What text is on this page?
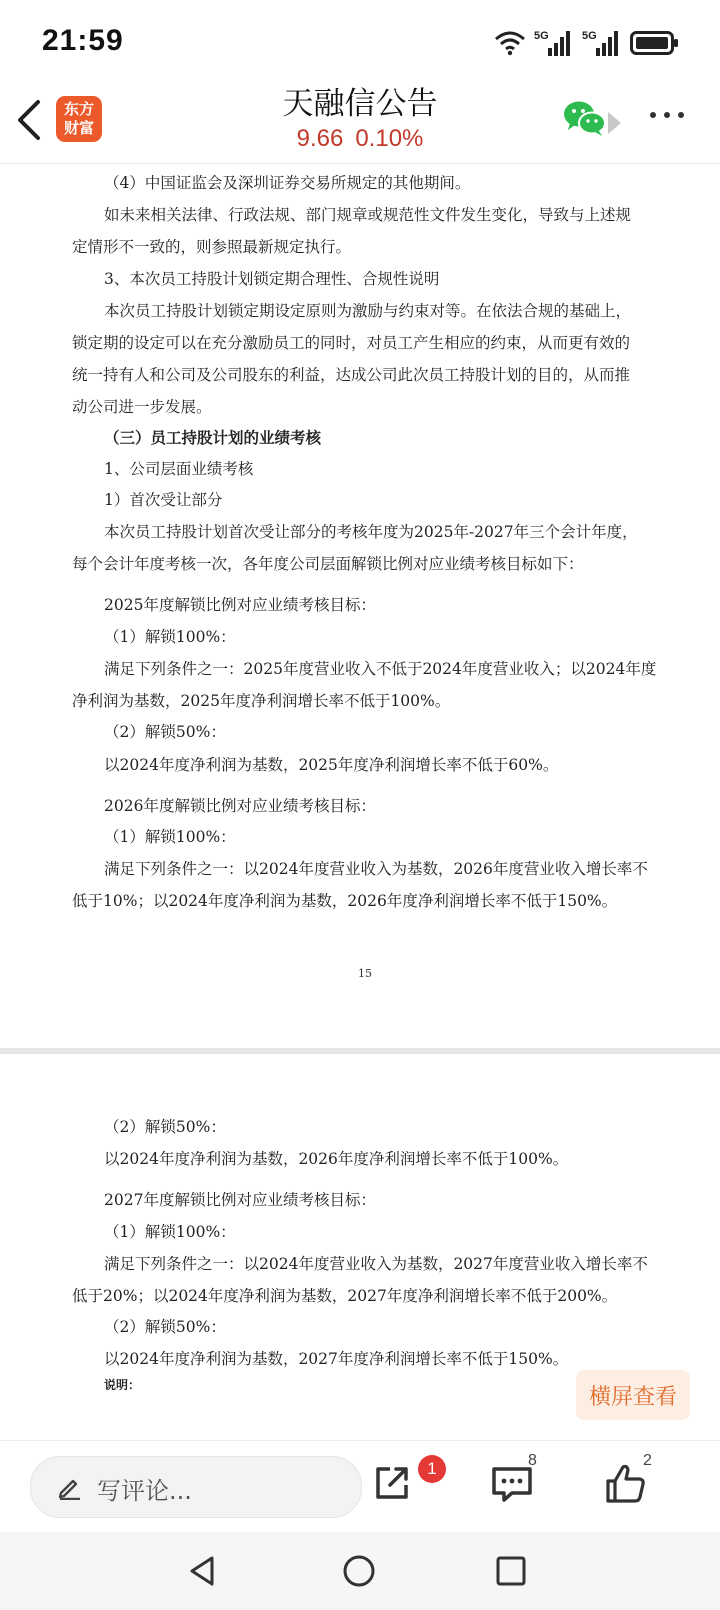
21:59	5G	5G
东方
财富
天融信公告
9.66 0.10%
（4）中国证监会及深圳证券交易所规定的其他期间。
如未来相关法律、行政法规、部门规章或规范性文件发生变化，导致与上述规
定情形不一致的，则参照最新规定执行。
3、本次员工持股计划锁定期合理性、合规性说明
本次员工持股计划锁定期设定原则为激励与约束对等。在依法合规的基础上，
锁定期的设定可以在充分激励员工的同时，对员工产生相应的约束，从而更有效的
统一持有人和公司及公司股东的利益，达成公司此次员工持股计划的目的，从而推
动公司进一步发展。
（三）员工持股计划的业绩考核
1、公司层面业绩考核
1）首次受让部分
本次员工持股计划首次受让部分的考核年度为2025年-2027年三个会计年度，
每个会计年度考核一次，各年度公司层面解锁比例对应业绩考核目标如下：
2025年度解锁比例对应业绩考核目标：
（1）解锁100%：
满足下列条件之一：2025年度营业收入不低于2024年度营业收入；以2024年度
净利润为基数，2025年度净利润增长率不低于100%。
（2）解锁50%：
以2024年度净利润为基数，2025年度净利润增长率不低于60%。
2026年度解锁比例对应业绩考核目标：
（1）解锁100%：
满足下列条件之一：以2024年度营业收入为基数，2026年度营业收入增长率不
低于10%；以2024年度净利润为基数，2026年度净利润增长率不低于150%。
15
（2）解锁50%：
以2024年度净利润为基数，2026年度净利润增长率不低于100%。
2027年度解锁比例对应业绩考核目标：
（1）解锁100%：
满足下列条件之一：以2024年度营业收入为基数，2027年度营业收入增长率不
低于20%；以2024年度净利润为基数，2027年度净利润增长率不低于200%。
（2）解锁50%：
以2024年度净利润为基数，2027年度净利润增长率不低于150%。
说明：	横屏查看
写评论...
1	8	2
